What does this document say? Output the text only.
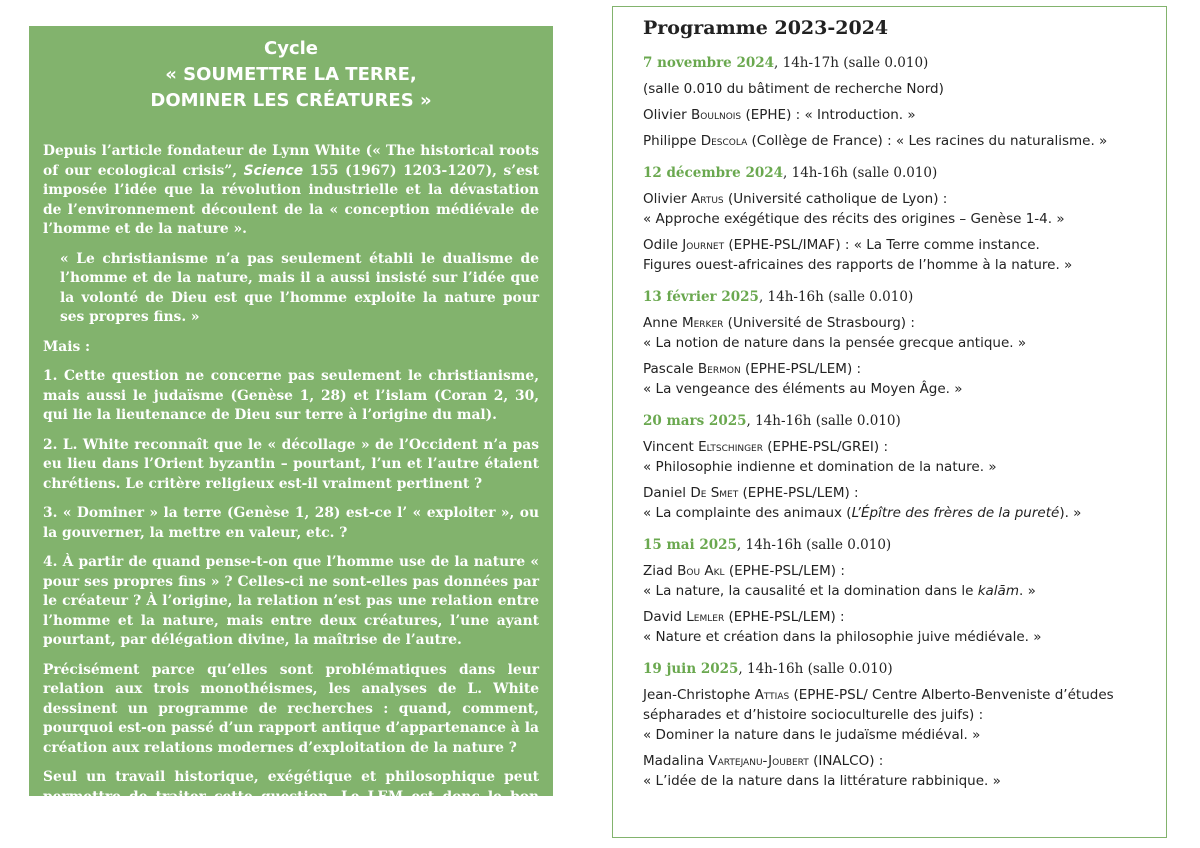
Cycle

« SOUMETTRE LA TERRE,

DOMINER LES CRÉATURES »

Depuis l’article fondateur de Lynn White (« The historical roots of our ecological crisis”, Science 155 (1967) 1203-1207), s’est imposée l’idée que la révolution industrielle et la dévastation de l’environnement découlent de la « conception médiévale de l’homme et de la nature ».

« Le christianisme n’a pas seulement établi le dualisme de l’homme et de la nature, mais il a aussi insisté sur l’idée que la volonté de Dieu est que l’homme exploite la nature pour ses propres fins. »

Mais :

1. Cette question ne concerne pas seulement le christianisme, mais aussi le judaïsme (Genèse 1, 28) et l’islam (Coran 2, 30, qui lie la lieutenance de Dieu sur terre à l’origine du mal).

2. L. White reconnaît que le « décollage » de l’Occident n’a pas eu lieu dans l’Orient byzantin – pourtant, l’un et l’autre étaient chrétiens. Le critère religieux est-il vraiment pertinent ?

3. « Dominer » la terre (Genèse 1, 28) est-ce l’ « exploiter », ou la gouverner, la mettre en valeur, etc. ?

4. À partir de quand pense-t-on que l’homme use de la nature « pour ses propres fins » ? Celles-ci ne sont-elles pas données par le créateur ? À l’origine, la relation n’est pas une relation entre l’homme et la nature, mais entre deux créatures, l’une ayant pourtant, par délégation divine, la maîtrise de l’autre.

Précisément parce qu’elles sont problématiques dans leur relation aux trois monothéismes, les analyses de L. White dessinent un programme de recherches : quand, comment, pourquoi est-on passé d’un rapport antique d’appartenance à la création aux relations modernes d’exploitation de la nature ?

Seul un travail historique, exégétique et philosophique peut permettre de traiter cette question. Le LEM est donc le bon endroit pour mener cette étude.

Programme 2023-2024

7 novembre 2024, 14h-17h (salle 0.010)

(salle 0.010 du bâtiment de recherche Nord)

Olivier Boulnois (EPHE) : « Introduction. »

Philippe Descola (Collège de France) : « Les racines du naturalisme. »

12 décembre 2024, 14h-16h (salle 0.010)

Olivier Artus (Université catholique de Lyon) :

« Approche exégétique des récits des origines – Genèse 1-4. »

Odile Journet (EPHE-PSL/IMAF) : « La Terre comme instance.

Figures ouest-africaines des rapports de l’homme à la nature. »

13 février 2025, 14h-16h (salle 0.010)

Anne Merker (Université de Strasbourg) :

« La notion de nature dans la pensée grecque antique. »

Pascale Bermon (EPHE-PSL/LEM) :

« La vengeance des éléments au Moyen Âge. »

20 mars 2025, 14h-16h (salle 0.010)

Vincent Eltschinger (EPHE-PSL/GREI) :

« Philosophie indienne et domination de la nature. »

Daniel De Smet (EPHE-PSL/LEM) :

« La complainte des animaux (L’Épître des frères de la pureté). »

15 mai 2025, 14h-16h (salle 0.010)

Ziad Bou Akl (EPHE-PSL/LEM) :

« La nature, la causalité et la domination dans le kalām. »

David Lemler (EPHE-PSL/LEM) :

« Nature et création dans la philosophie juive médiévale. »

19 juin 2025, 14h-16h (salle 0.010)

Jean-Christophe Attias (EPHE-PSL/ Centre Alberto-Benveniste d’études

sépharades et d’histoire socioculturelle des juifs) :

« Dominer la nature dans le judaïsme médiéval. »

Madalina Vartejanu-Joubert (INALCO) :

« L’idée de la nature dans la littérature rabbinique. »
